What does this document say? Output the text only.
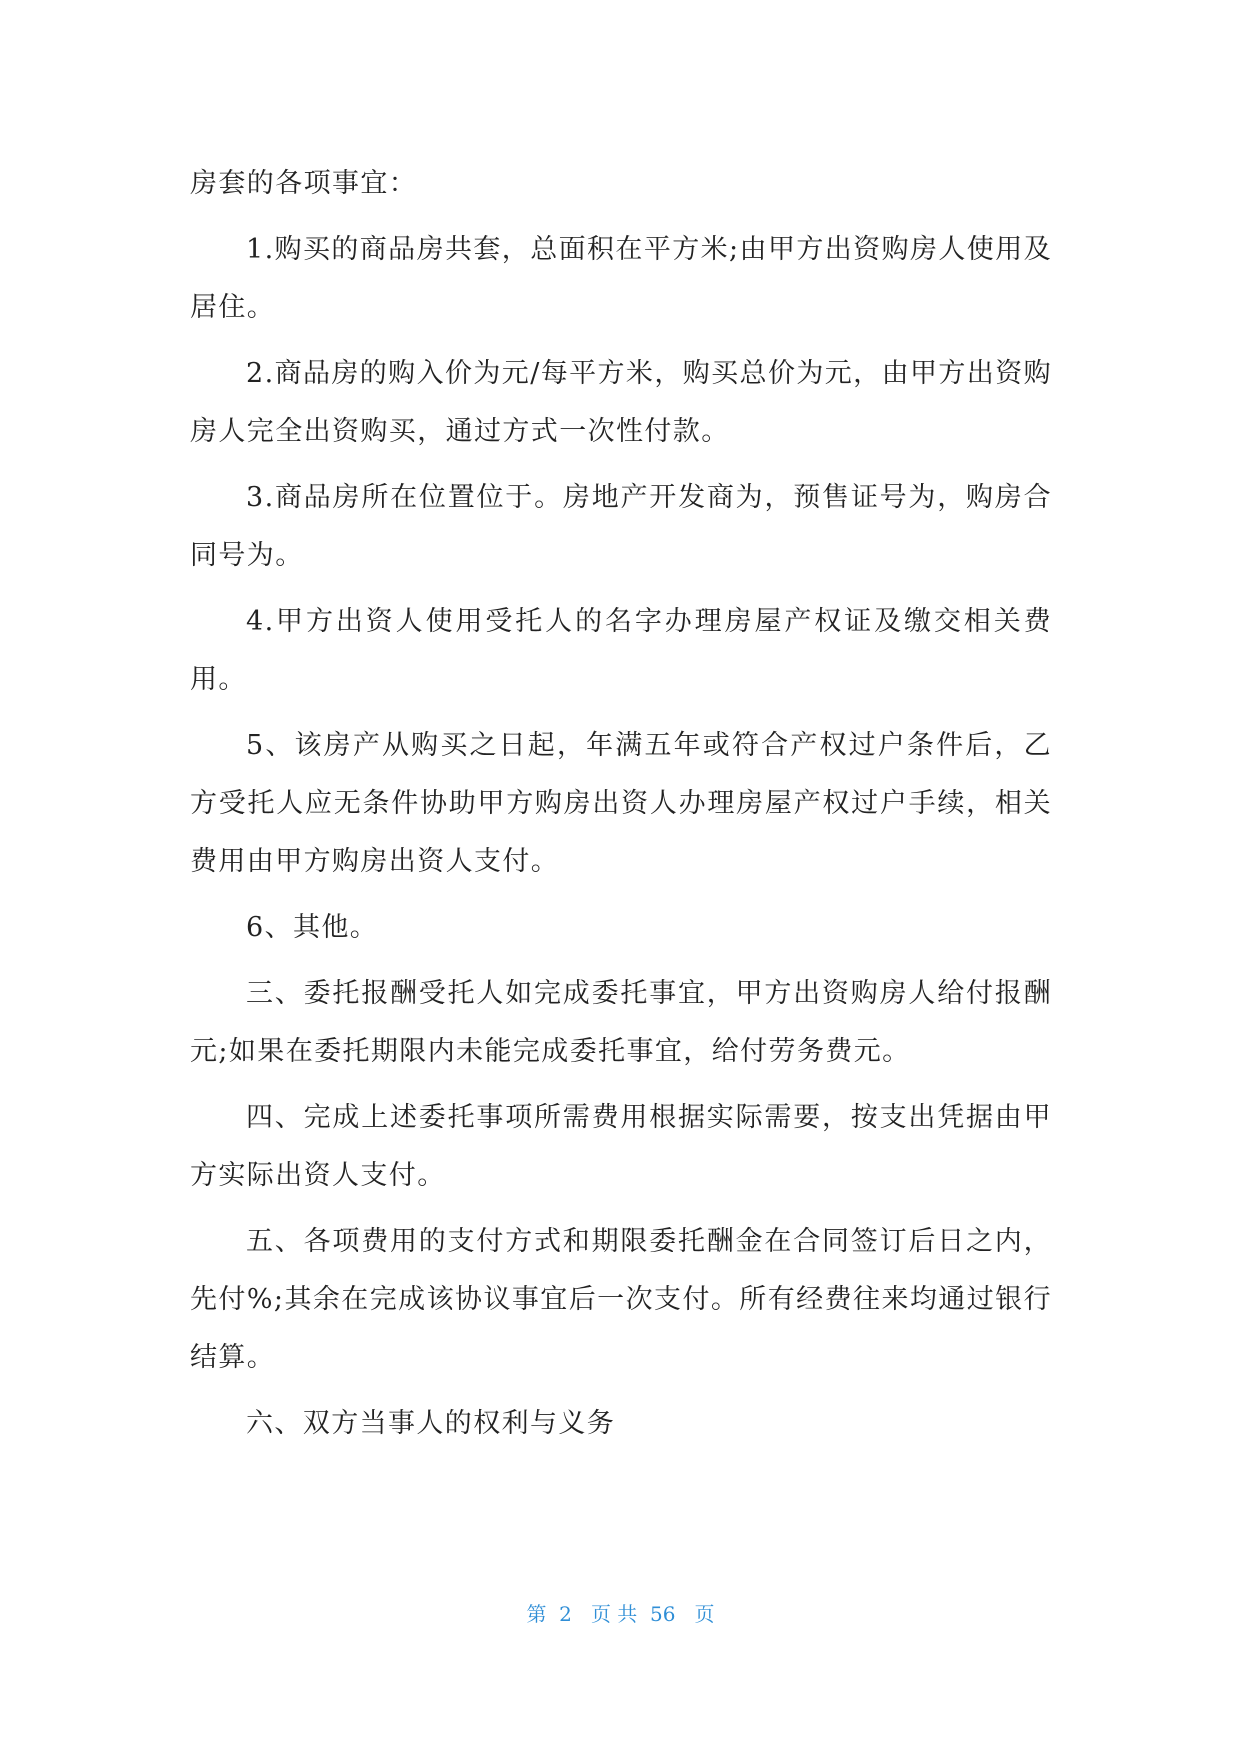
房套的各项事宜：

1.购买的商品房共套，总面积在平方米;由甲方出资购房人使用及居住。

2.商品房的购入价为元/每平方米，购买总价为元，由甲方出资购房人完全出资购买，通过方式一次性付款。

3.商品房所在位置位于。房地产开发商为，预售证号为，购房合同号为。

4.甲方出资人使用受托人的名字办理房屋产权证及缴交相关费用。

5、该房产从购买之日起，年满五年或符合产权过户条件后，乙方受托人应无条件协助甲方购房出资人办理房屋产权过户手续，相关费用由甲方购房出资人支付。

6、其他。

三、委托报酬受托人如完成委托事宜，甲方出资购房人给付报酬元;如果在委托期限内未能完成委托事宜，给付劳务费元。

四、完成上述委托事项所需费用根据实际需要，按支出凭据由甲方实际出资人支付。

五、各项费用的支付方式和期限委托酬金在合同签订后日之内，先付%;其余在完成该协议事宜后一次支付。所有经费往来均通过银行结算。

六、双方当事人的权利与义务

第  2   页 共  56   页
